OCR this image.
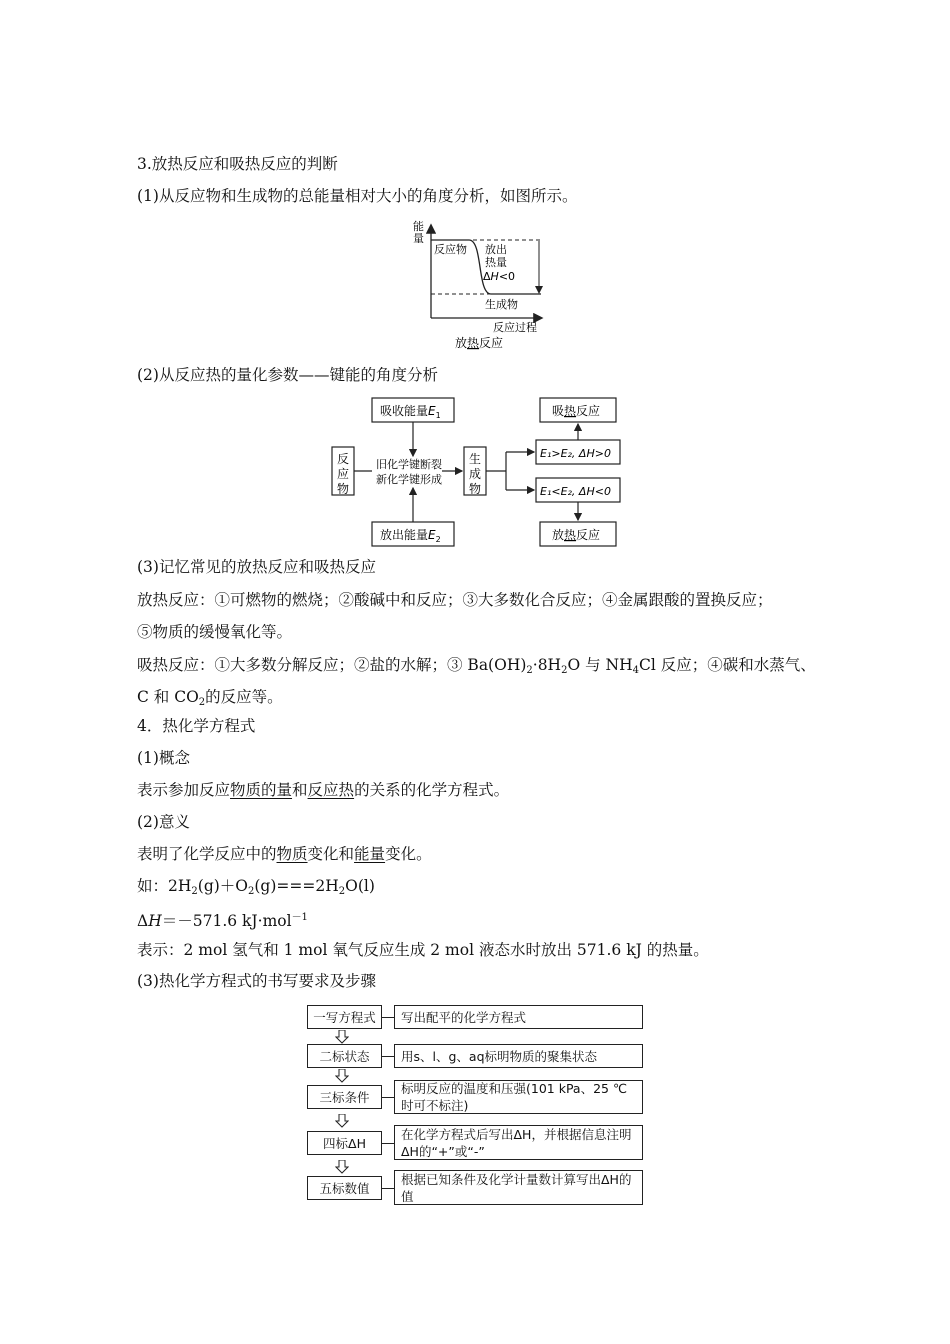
3.放热反应和吸热反应的判断
(1)从反应物和生成物的总能量相对大小的角度分析，如图所示。
能
量
反应物 放出
热量
ΔH<0
生成物
反应过程
放热反应
(2)从反应热的量化参数——键能的角度分析
吸收能量$E_1$
反
应
物
旧化学键断裂
新化学键形成
生
成
物
放出能量$E_2$
E₁>E₂, ΔH>0
E₁<E₂, ΔH<0
吸热反应
放热反应
(3)记忆常见的放热反应和吸热反应
放热反应：①可燃物的燃烧；②酸碱中和反应；③大多数化合反应；④金属跟酸的置换反应；
⑤物质的缓慢氧化等。
吸热反应：①大多数分解反应；②盐的水解；③ $Ba(OH)_2\cdot 8H_2O$ 与 $NH_4Cl$ 反应；④碳和水蒸气、
C 和 $CO_2$的反应等。
4．热化学方程式
(1)概念
表示参加反应物质的量和反应热的关系的化学方程式。
(2)意义
表明了化学反应中的物质变化和能量变化。
如：$2H_2(g)+O_2(g)===2H_2O(l)$
ΔH＝－571.6 kJ·mol$^{-1}$
表示：2 mol 氢气和 1 mol 氧气反应生成 2 mol 液态水时放出 571.6 kJ 的热量。
(3)热化学方程式的书写要求及步骤
一写方程式	写出配平的化学方程式
二标状态	用s、l、g、aq标明物质的聚集状态
三标条件
标明反应的温度和压强(101 kPa、25 ℃时可不标注)
四标ΔH
在化学方程式后写出ΔH，并根据信息注明ΔH的“+”或“-”
五标数值
根据已知条件及化学计量数计算写出ΔH的值
